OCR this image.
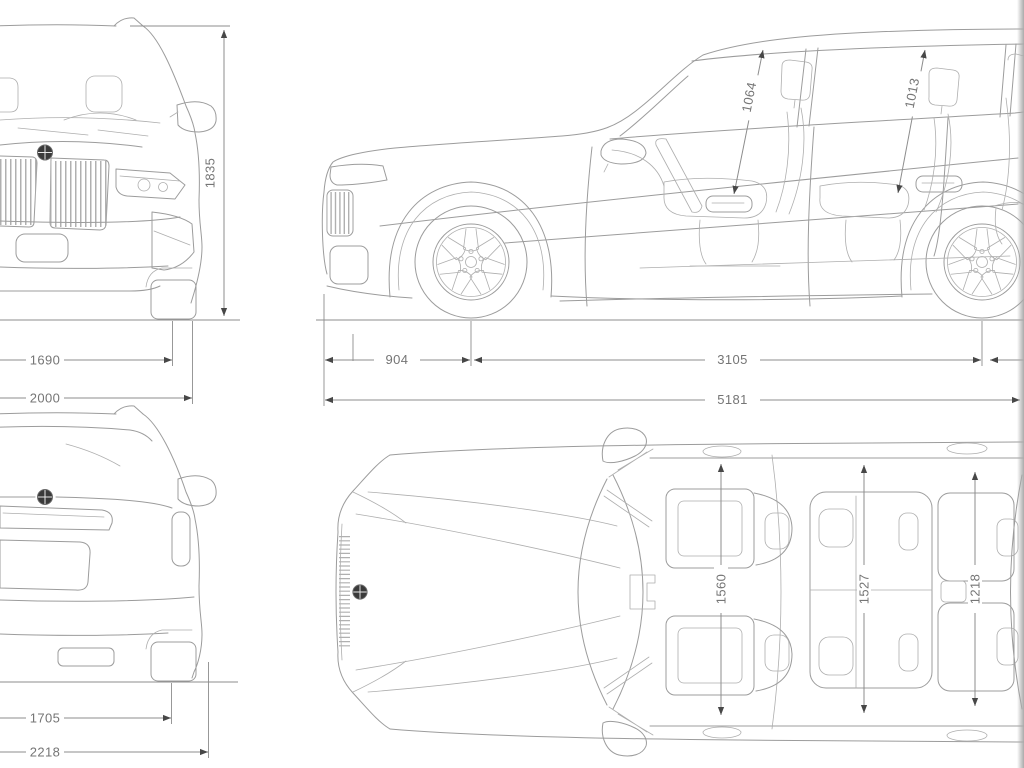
1835
1690
2000
1705
2218
1064	1013
904	3105
5181
1560	1527	1218
